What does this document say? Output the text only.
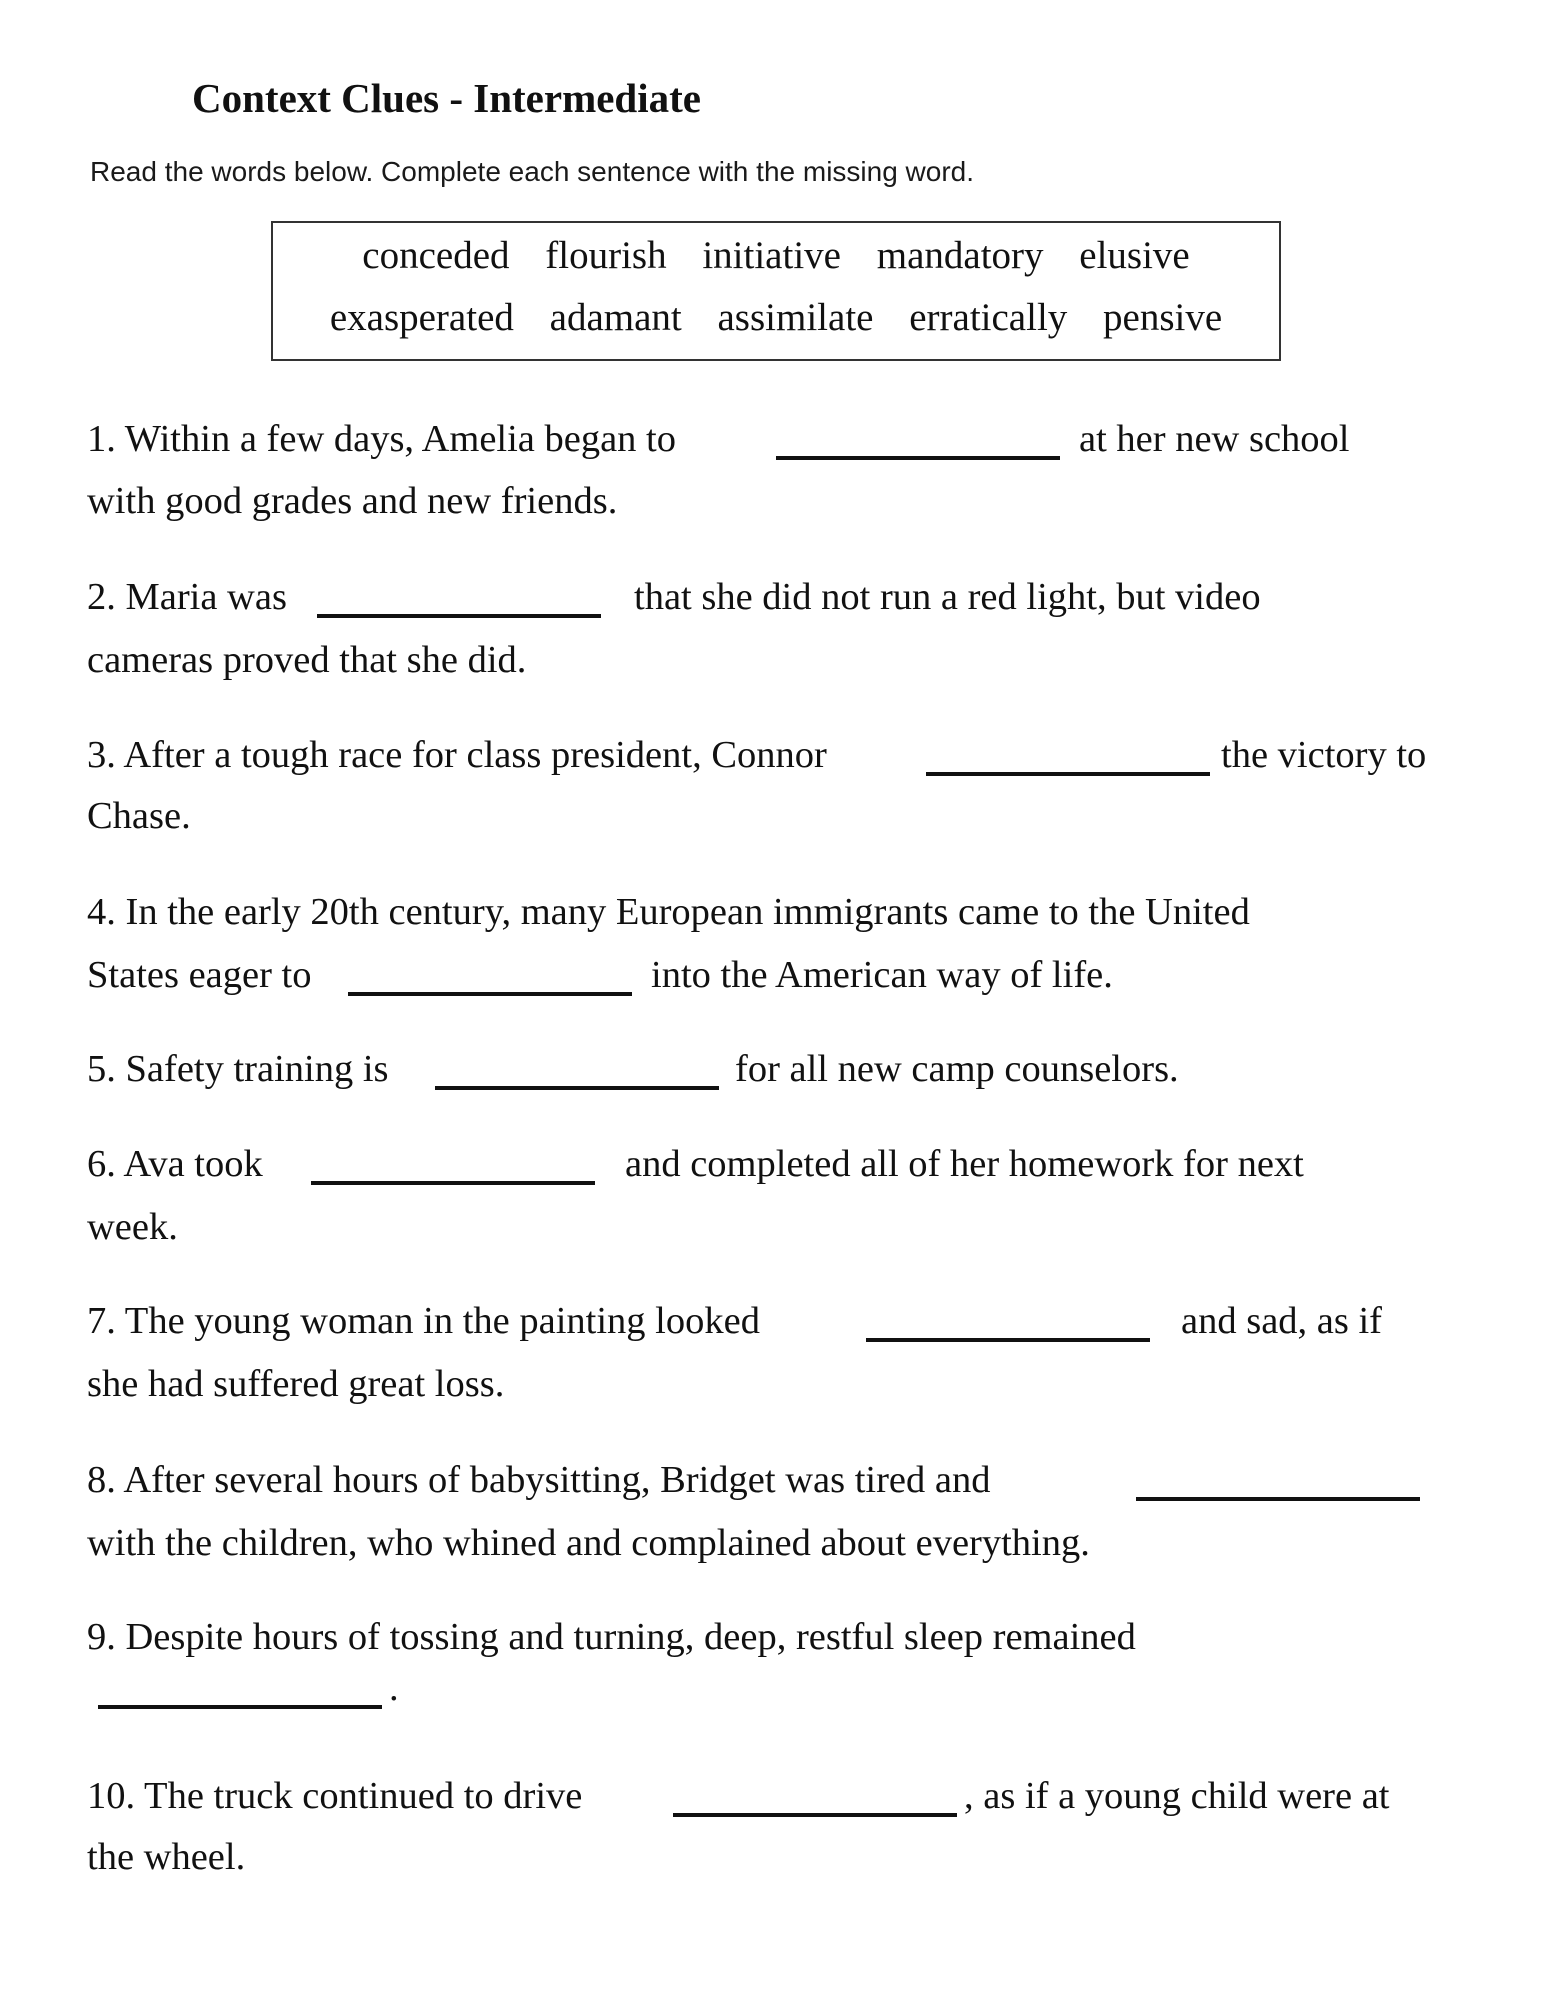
Context Clues - Intermediate
Read the words below. Complete each sentence with the missing word.
conceded flourish initiative mandatory elusive
exasperated adamant assimilate erratically pensive
1. Within a few days, Amelia began to	at her new school
with good grades and new friends.
2. Maria was	that she did not run a red light, but video
cameras proved that she did.
3. After a tough race for class president, Connor	the victory to
Chase.
4. In the early 20th century, many European immigrants came to the United
States eager to	into the American way of life.
5. Safety training is	for all new camp counselors.
6. Ava took	and completed all of her homework for next
week.
7. The young woman in the painting looked	and sad, as if
she had suffered great loss.
8. After several hours of babysitting, Bridget was tired and
with the children, who whined and complained about everything.
9. Despite hours of tossing and turning, deep, restful sleep remained
.
10. The truck continued to drive	, as if a young child were at
the wheel.
